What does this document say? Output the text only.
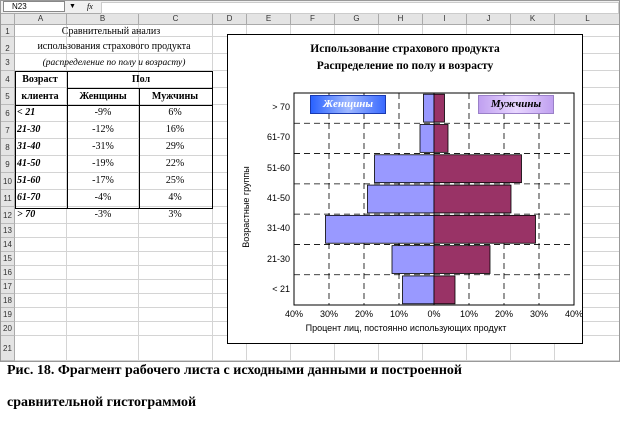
N23	▼ fx
A	B	C	D	E	F	G	H	I	J	K	L
1
2
3
4
5
6
7
8
9
10
11
12
13
14
15
16
17
18
19
20
21
Сравнительный анализ
использования страхового продукта
(распределение по полу и возрасту)
Возраст
клиента
Пол
Женщины	Мужчины
< 21	-9%	6%
21-30	-12%	16%
31-40	-31%	29%
41-50	-19%	22%
51-60	-17%	25%
61-70	-4%	4%
> 70	-3%	3%
Использование страхового продукта
Распределение по полу и возрасту
Женщины	Мужчины
< 21
21-30
31-40
41-50
51-60
61-70
> 70
40%	30%	20%	10%	0%	10%	20%	30%	40%
Возрастные группы
Процент лиц, постоянно использующих продукт
Рис. 18. Фрагмент рабочего листа с исходными данными и построенной
сравнительной гистограммой
